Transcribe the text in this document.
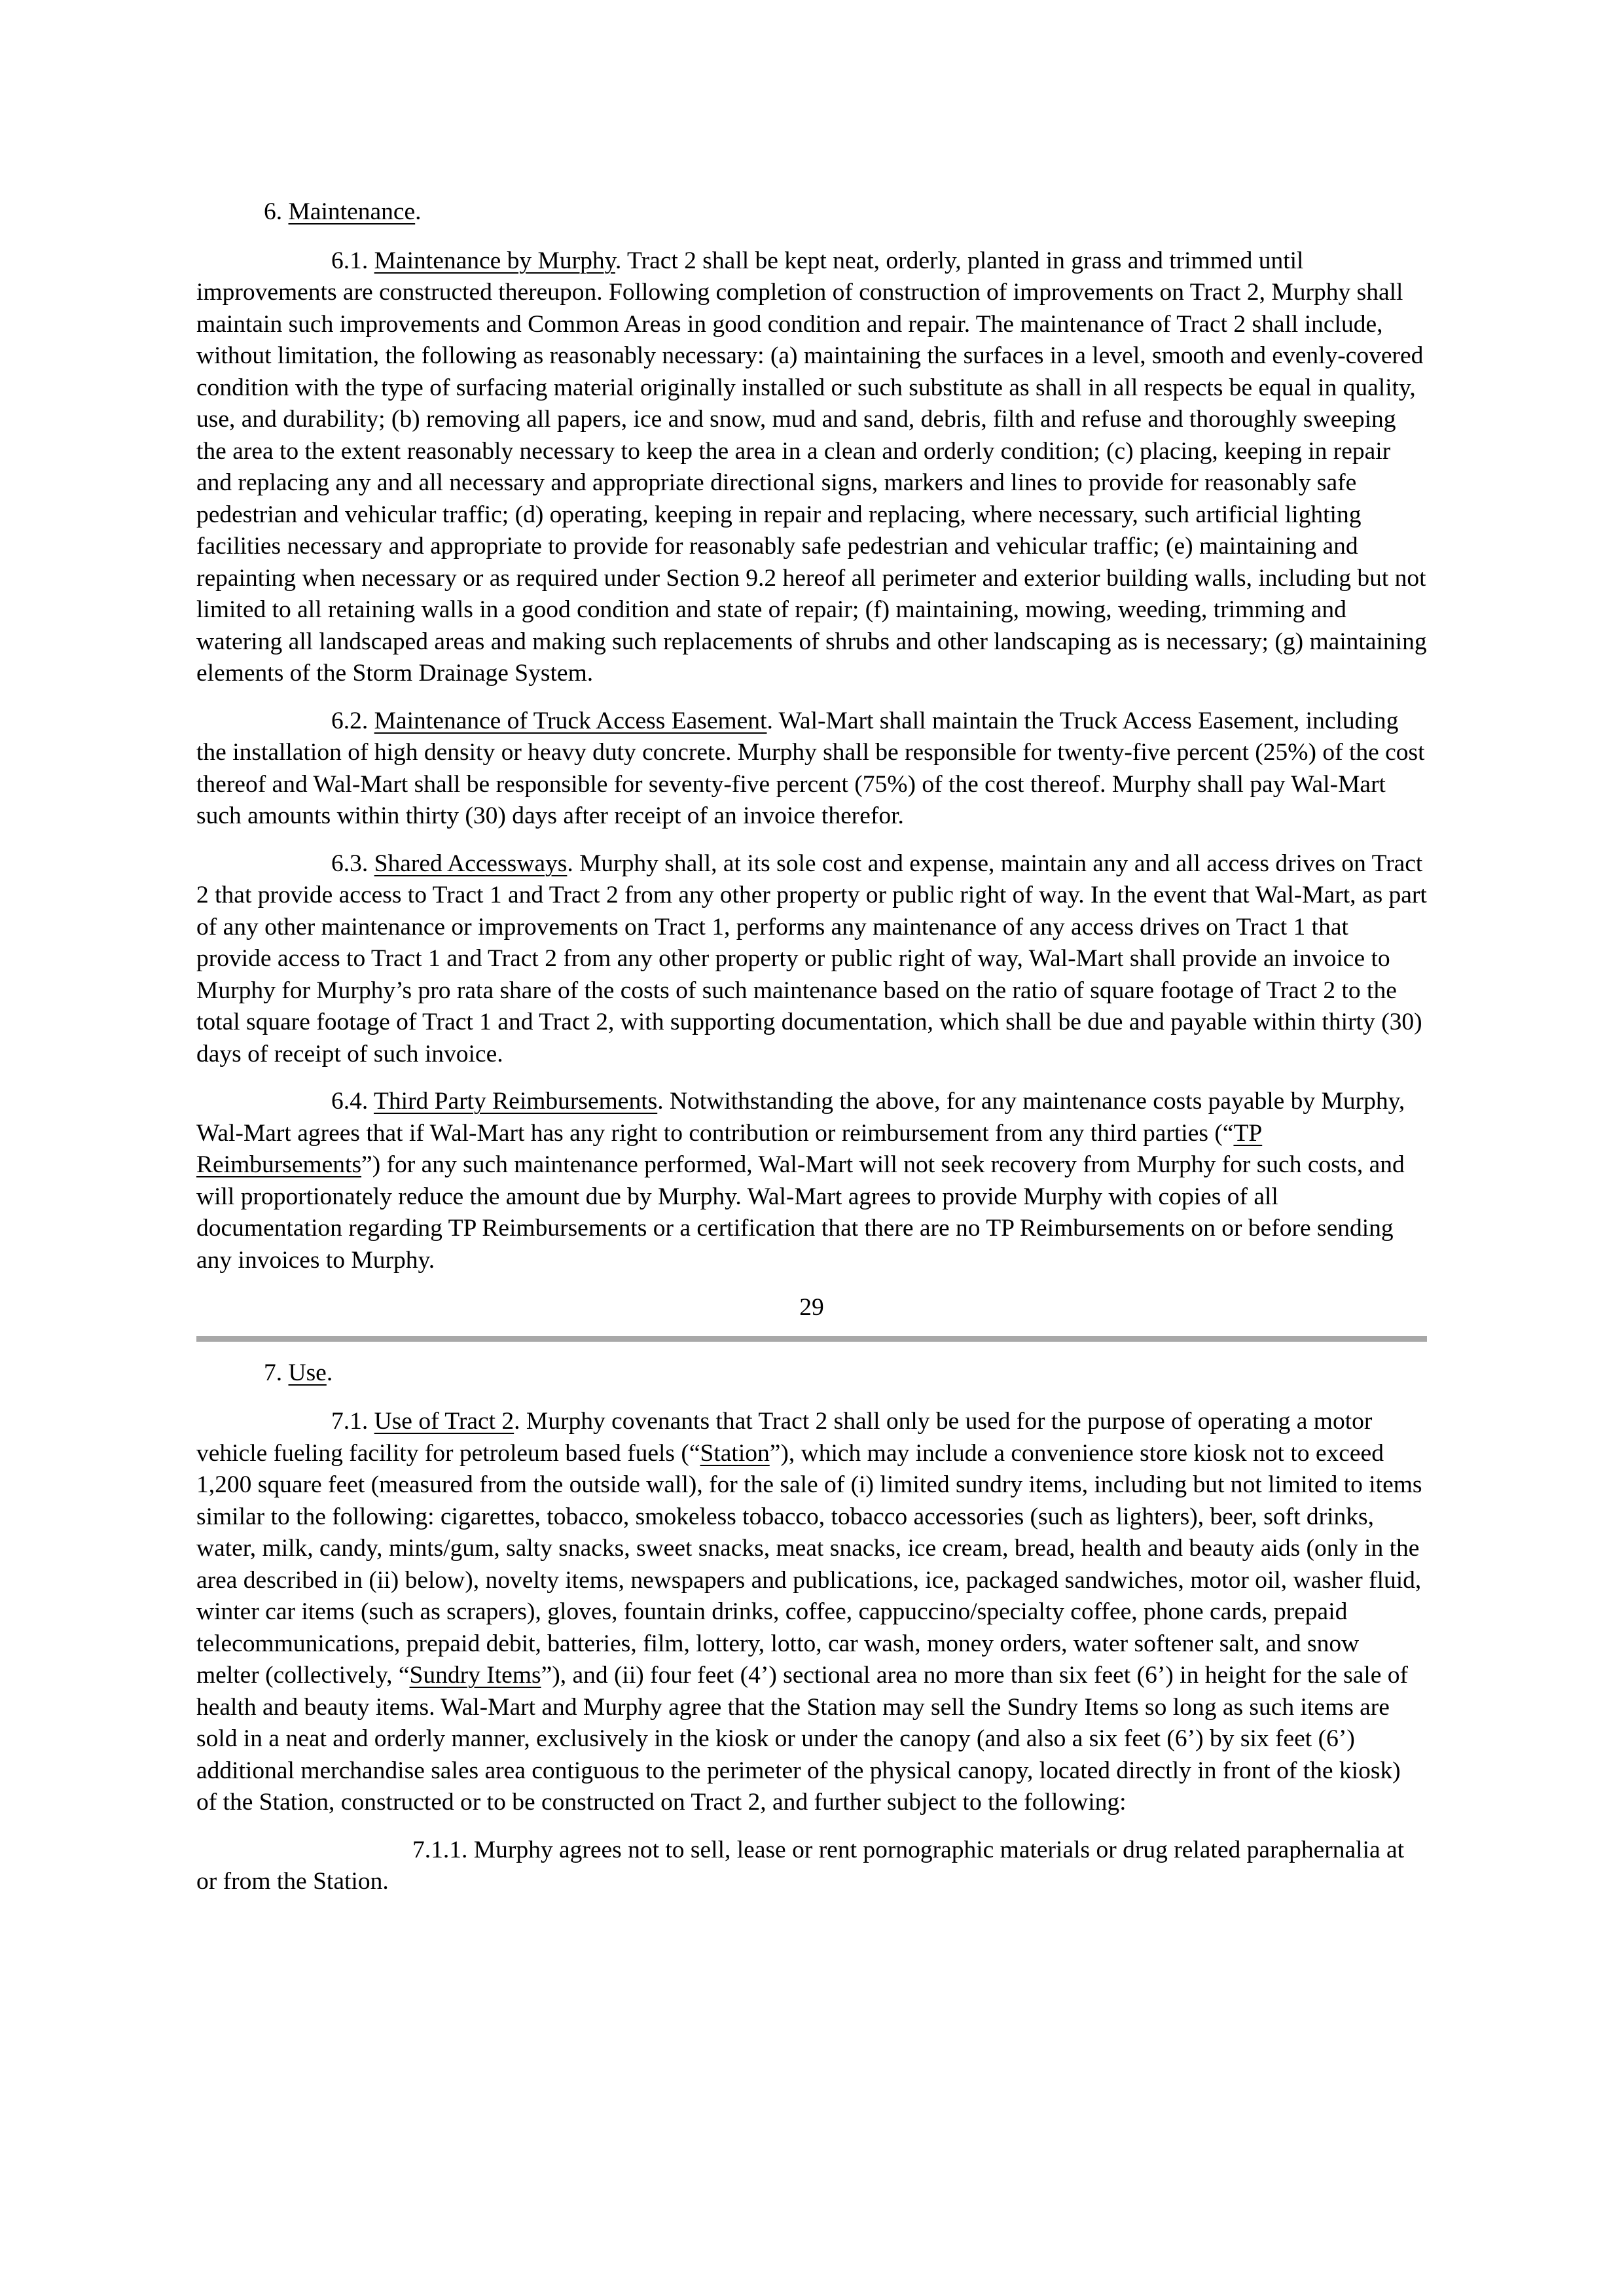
6. Maintenance.

6.1. Maintenance by Murphy. Tract 2 shall be kept neat, orderly, planted in grass and trimmed until improvements are constructed thereupon. Following completion of construction of improvements on Tract 2, Murphy shall maintain such improvements and Common Areas in good condition and repair. The maintenance of Tract 2 shall include, without limitation, the following as reasonably necessary: (a) maintaining the surfaces in a level, smooth and evenly-covered condition with the type of surfacing material originally installed or such substitute as shall in all respects be equal in quality, use, and durability; (b) removing all papers, ice and snow, mud and sand, debris, filth and refuse and thoroughly sweeping the area to the extent reasonably necessary to keep the area in a clean and orderly condition; (c) placing, keeping in repair and replacing any and all necessary and appropriate directional signs, markers and lines to provide for reasonably safe pedestrian and vehicular traffic; (d) operating, keeping in repair and replacing, where necessary, such artificial lighting facilities necessary and appropriate to provide for reasonably safe pedestrian and vehicular traffic; (e) maintaining and repainting when necessary or as required under Section 9.2 hereof all perimeter and exterior building walls, including but not limited to all retaining walls in a good condition and state of repair; (f) maintaining, mowing, weeding, trimming and watering all landscaped areas and making such replacements of shrubs and other landscaping as is necessary; (g) maintaining elements of the Storm Drainage System.

6.2. Maintenance of Truck Access Easement. Wal-Mart shall maintain the Truck Access Easement, including the installation of high density or heavy duty concrete. Murphy shall be responsible for twenty-five percent (25%) of the cost thereof and Wal-Mart shall be responsible for seventy-five percent (75%) of the cost thereof. Murphy shall pay Wal-Mart such amounts within thirty (30) days after receipt of an invoice therefor.

6.3. Shared Accessways. Murphy shall, at its sole cost and expense, maintain any and all access drives on Tract 2 that provide access to Tract 1 and Tract 2 from any other property or public right of way. In the event that Wal-Mart, as part of any other maintenance or improvements on Tract 1, performs any maintenance of any access drives on Tract 1 that provide access to Tract 1 and Tract 2 from any other property or public right of way, Wal-Mart shall provide an invoice to Murphy for Murphy’s pro rata share of the costs of such maintenance based on the ratio of square footage of Tract 2 to the total square footage of Tract 1 and Tract 2, with supporting documentation, which shall be due and payable within thirty (30) days of receipt of such invoice.

6.4. Third Party Reimbursements. Notwithstanding the above, for any maintenance costs payable by Murphy, Wal-Mart agrees that if Wal-Mart has any right to contribution or reimbursement from any third parties (“TP Reimbursements”) for any such maintenance performed, Wal-Mart will not seek recovery from Murphy for such costs, and will proportionately reduce the amount due by Murphy. Wal-Mart agrees to provide Murphy with copies of all documentation regarding TP Reimbursements or a certification that there are no TP Reimbursements on or before sending any invoices to Murphy.

29

7. Use.

7.1. Use of Tract 2. Murphy covenants that Tract 2 shall only be used for the purpose of operating a motor vehicle fueling facility for petroleum based fuels (“Station”), which may include a convenience store kiosk not to exceed 1,200 square feet (measured from the outside wall), for the sale of (i) limited sundry items, including but not limited to items similar to the following: cigarettes, tobacco, smokeless tobacco, tobacco accessories (such as lighters), beer, soft drinks, water, milk, candy, mints/gum, salty snacks, sweet snacks, meat snacks, ice cream, bread, health and beauty aids (only in the area described in (ii) below), novelty items, newspapers and publications, ice, packaged sandwiches, motor oil, washer fluid, winter car items (such as scrapers), gloves, fountain drinks, coffee, cappuccino/specialty coffee, phone cards, prepaid telecommunications, prepaid debit, batteries, film, lottery, lotto, car wash, money orders, water softener salt, and snow melter (collectively, “Sundry Items”), and (ii) four feet (4’) sectional area no more than six feet (6’) in height for the sale of health and beauty items. Wal-Mart and Murphy agree that the Station may sell the Sundry Items so long as such items are sold in a neat and orderly manner, exclusively in the kiosk or under the canopy (and also a six feet (6’) by six feet (6’) additional merchandise sales area contiguous to the perimeter of the physical canopy, located directly in front of the kiosk) of the Station, constructed or to be constructed on Tract 2, and further subject to the following:

7.1.1. Murphy agrees not to sell, lease or rent pornographic materials or drug related paraphernalia at or from the Station.
